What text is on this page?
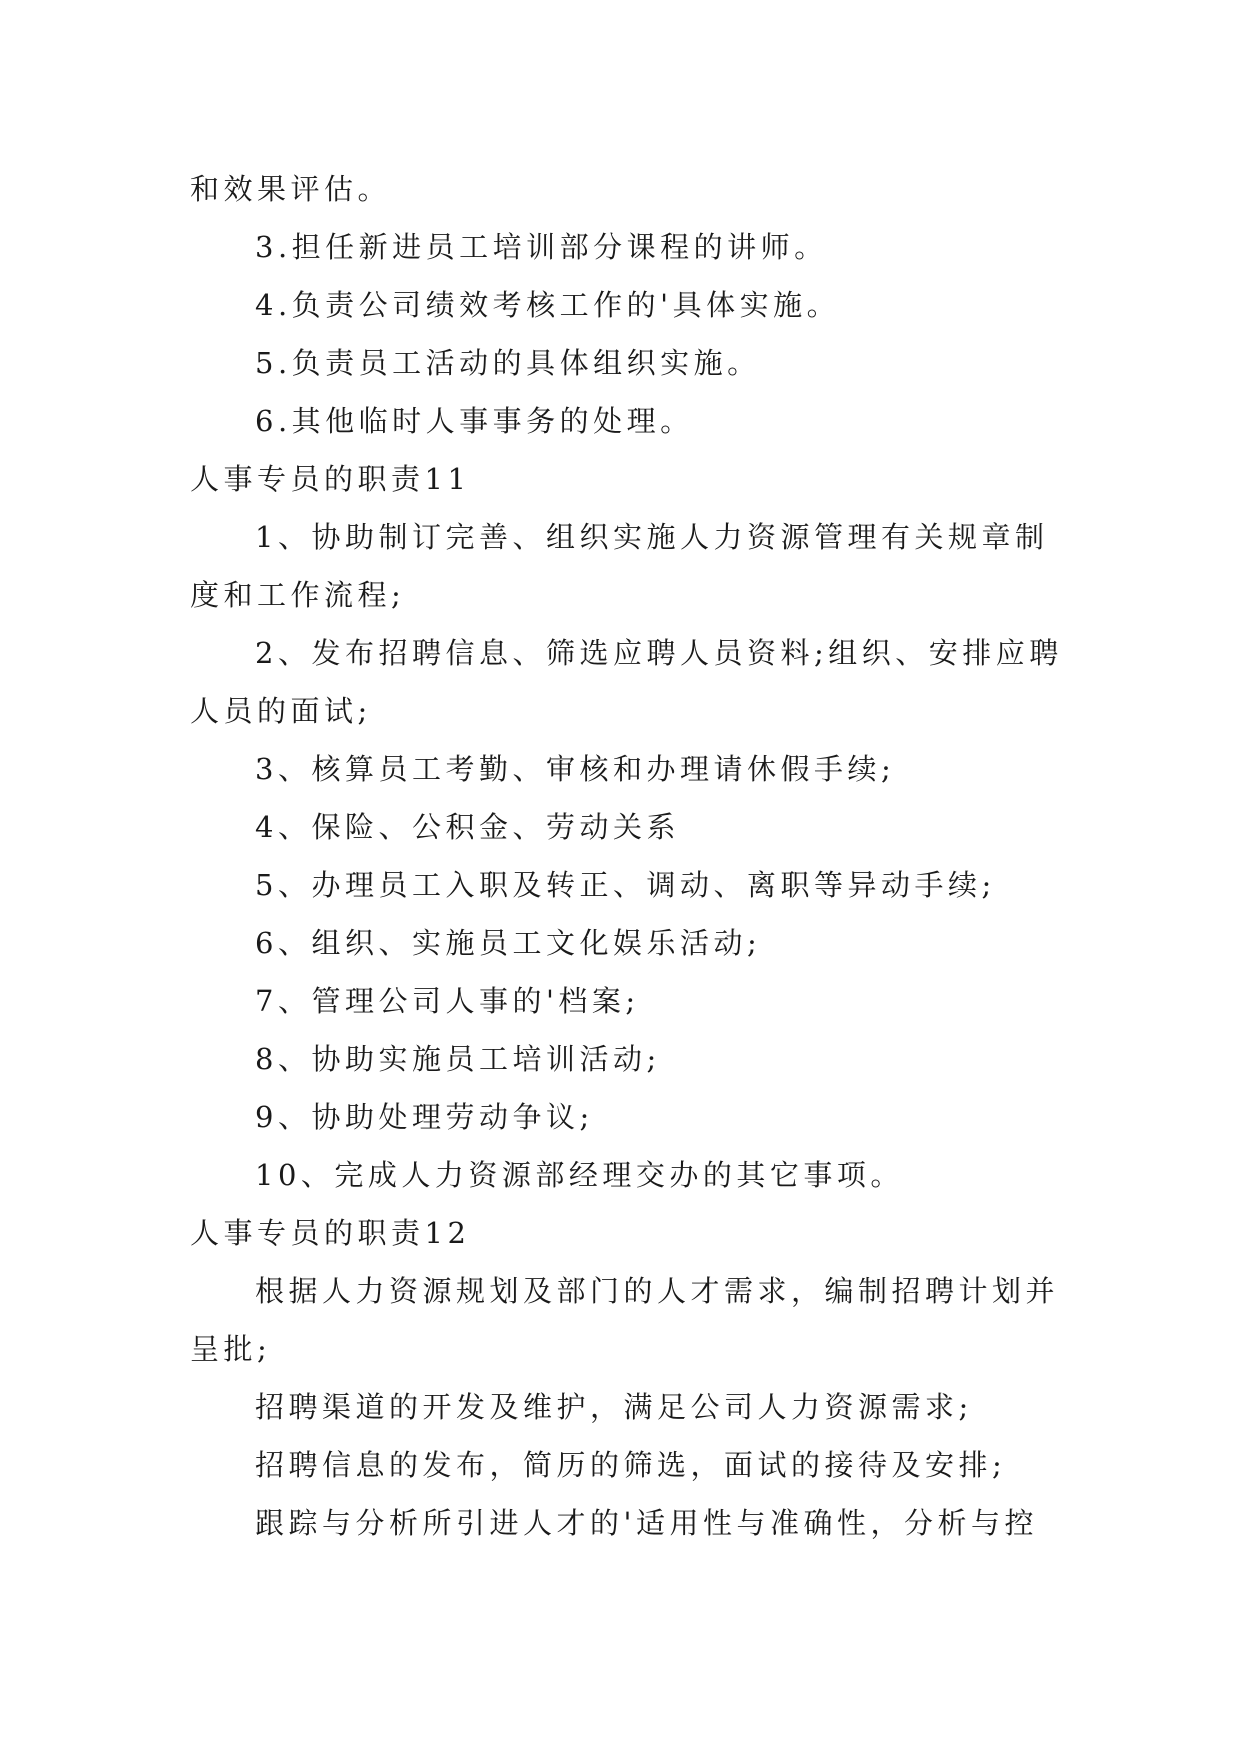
和效果评估。
3.担任新进员工培训部分课程的讲师。
4.负责公司绩效考核工作的'具体实施。
5.负责员工活动的具体组织实施。
6.其他临时人事事务的处理。
人事专员的职责11
1、协助制订完善、组织实施人力资源管理有关规章制
度和工作流程;
2、发布招聘信息、筛选应聘人员资料;组织、安排应聘
人员的面试;
3、核算员工考勤、审核和办理请休假手续;
4、保险、公积金、劳动关系
5、办理员工入职及转正、调动、离职等异动手续;
6、组织、实施员工文化娱乐活动;
7、管理公司人事的'档案;
8、协助实施员工培训活动;
9、协助处理劳动争议;
10、完成人力资源部经理交办的其它事项。
人事专员的职责12
根据人力资源规划及部门的人才需求，编制招聘计划并
呈批;
招聘渠道的开发及维护，满足公司人力资源需求;
招聘信息的发布，简历的筛选，面试的接待及安排;
跟踪与分析所引进人才的'适用性与准确性，分析与控
